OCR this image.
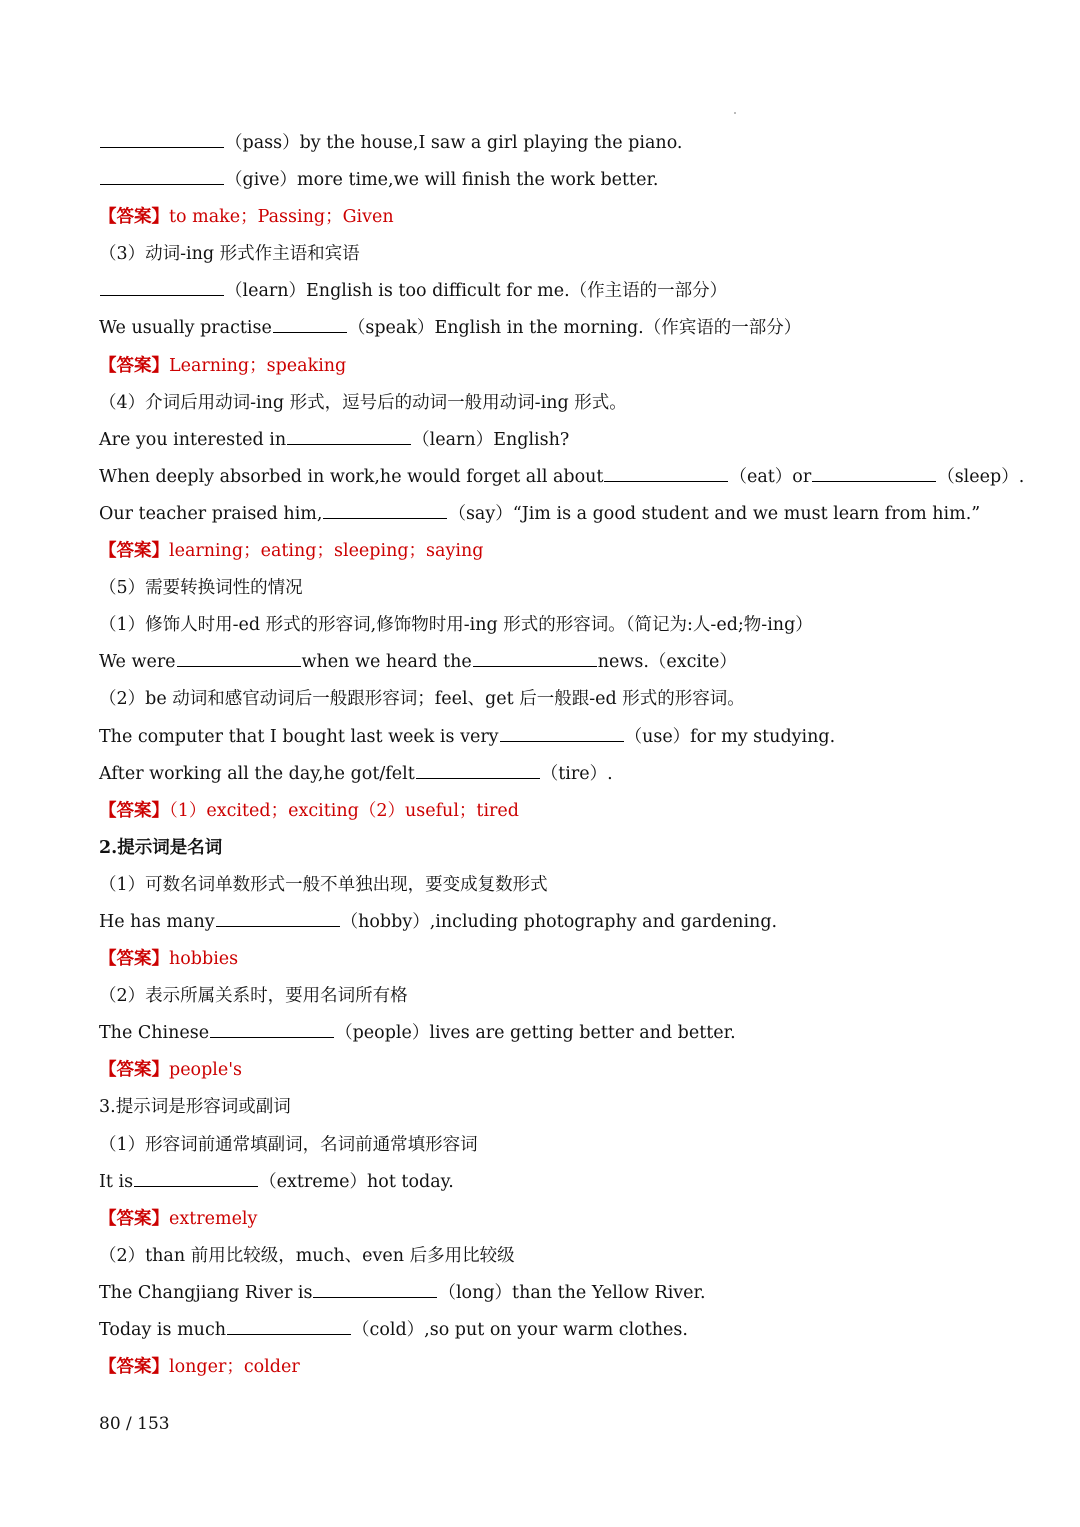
（pass）by the house,I saw a girl playing the piano.
（give）more time,we will finish the work better.
【答案】to make；Passing；Given
（3）动词-ing 形式作主语和宾语
（learn）English is too difficult for me.（作主语的一部分）
We usually practise	（speak）English in the morning.（作宾语的一部分）
【答案】Learning；speaking
（4）介词后用动词-ing 形式，逗号后的动词一般用动词-ing 形式。
Are you interested in	（learn）English?
When deeply absorbed in work,he would forget all about	（eat）or	（sleep）.
Our teacher praised him,	（say）“Jim is a good student and we must learn from him.”
【答案】learning；eating；sleeping；saying
（5）需要转换词性的情况
（1）修饰人时用-ed 形式的形容词,修饰物时用-ing 形式的形容词。（简记为:人-ed;物-ing）
We were	when we heard the	news.（excite）
（2）be 动词和感官动词后一般跟形容词；feel、get 后一般跟-ed 形式的形容词。
The computer that I bought last week is very	（use）for my studying.
After working all the day,he got/felt	（tire）.
【答案】（1）excited；exciting（2）useful；tired
2.提示词是名词
（1）可数名词单数形式一般不单独出现，要变成复数形式
He has many	（hobby）,including photography and gardening.
【答案】hobbies
（2）表示所属关系时，要用名词所有格
The Chinese	（people）lives are getting better and better.
【答案】people's
3.提示词是形容词或副词
（1）形容词前通常填副词，名词前通常填形容词
It is	（extreme）hot today.
【答案】extremely
（2）than 前用比较级，much、even 后多用比较级
The Changjiang River is	（long）than the Yellow River.
Today is much	（cold）,so put on your warm clothes.
【答案】longer；colder
80 / 153
